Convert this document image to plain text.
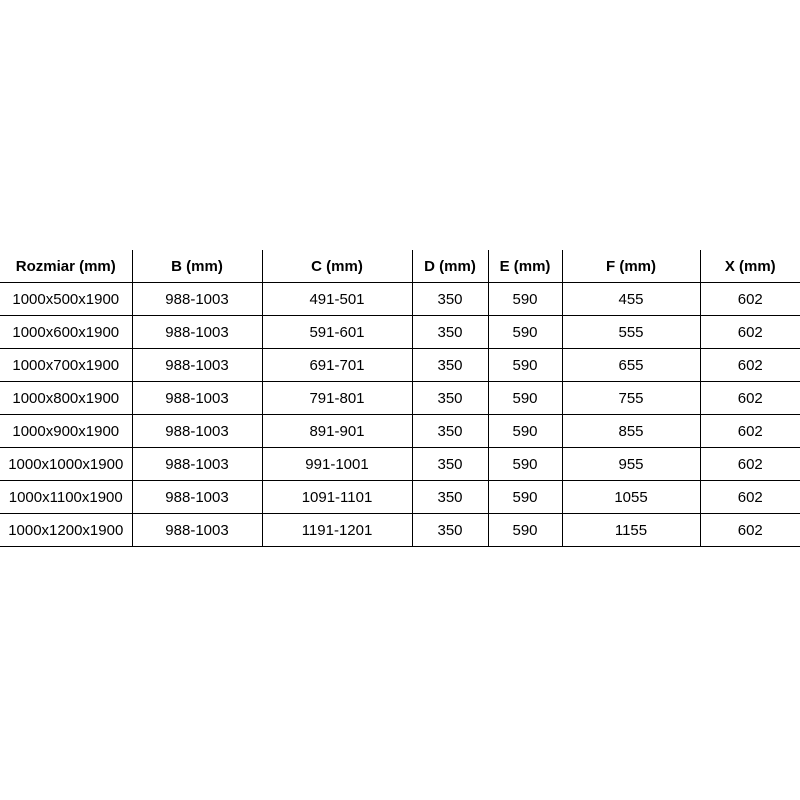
Rozmiar (mm)	B (mm)	C (mm)	D (mm)	E (mm)	F (mm)	X (mm)
1000x500x1900	988-1003	491-501	350	590	455	602
1000x600x1900	988-1003	591-601	350	590	555	602
1000x700x1900	988-1003	691-701	350	590	655	602
1000x800x1900	988-1003	791-801	350	590	755	602
1000x900x1900	988-1003	891-901	350	590	855	602
1000x1000x1900	988-1003	991-1001	350	590	955	602
1000x1100x1900	988-1003	1091-1101	350	590	1055	602
1000x1200x1900	988-1003	1191-1201	350	590	1155	602
